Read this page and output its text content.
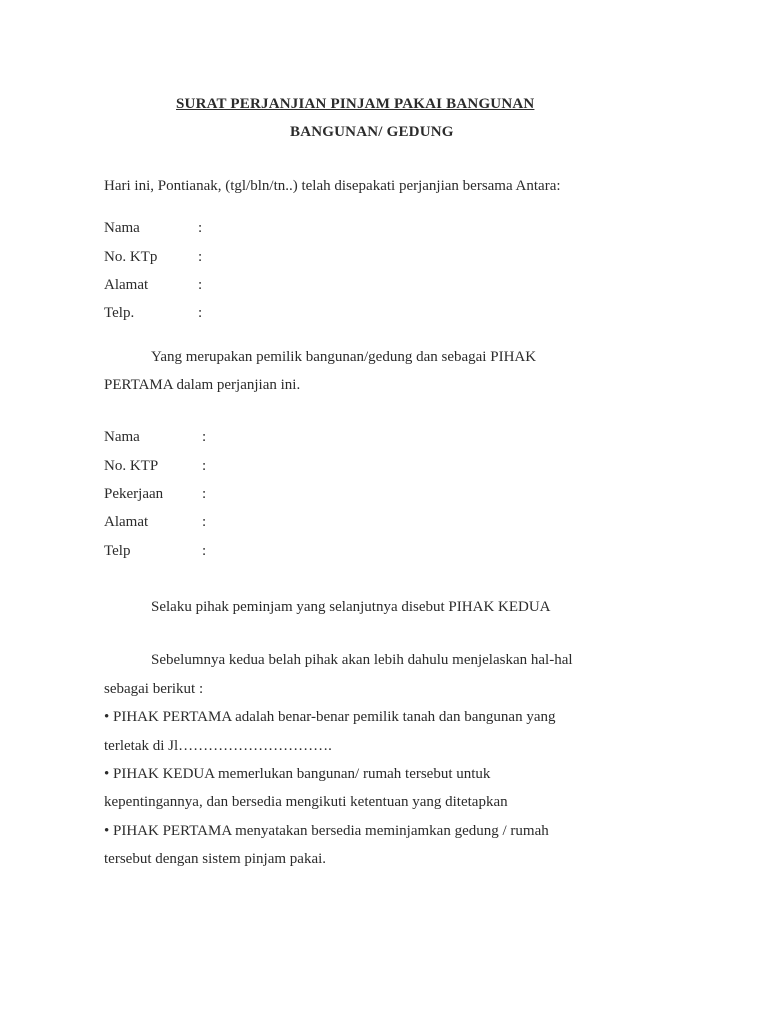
SURAT PERJANJIAN PINJAM PAKAI BANGUNAN
BANGUNAN/ GEDUNG
Hari ini, Pontianak, (tgl/bln/tn..) telah disepakati perjanjian bersama Antara:
Nama	:
No. KTp	:
Alamat	:
Telp.	:
Yang merupakan pemilik bangunan/gedung dan sebagai PIHAK
PERTAMA dalam perjanjian ini.
Nama	:
No. KTP	:
Pekerjaan	:
Alamat	:
Telp	:
Selaku pihak peminjam yang selanjutnya disebut PIHAK KEDUA
Sebelumnya kedua belah pihak akan lebih dahulu menjelaskan hal-hal
sebagai berikut :
• PIHAK PERTAMA adalah benar-benar pemilik tanah dan bangunan yang
terletak di Jl………………………….
• PIHAK KEDUA memerlukan bangunan/ rumah tersebut untuk
kepentingannya, dan bersedia mengikuti ketentuan yang ditetapkan
• PIHAK PERTAMA menyatakan bersedia meminjamkan gedung / rumah
tersebut dengan sistem pinjam pakai.
